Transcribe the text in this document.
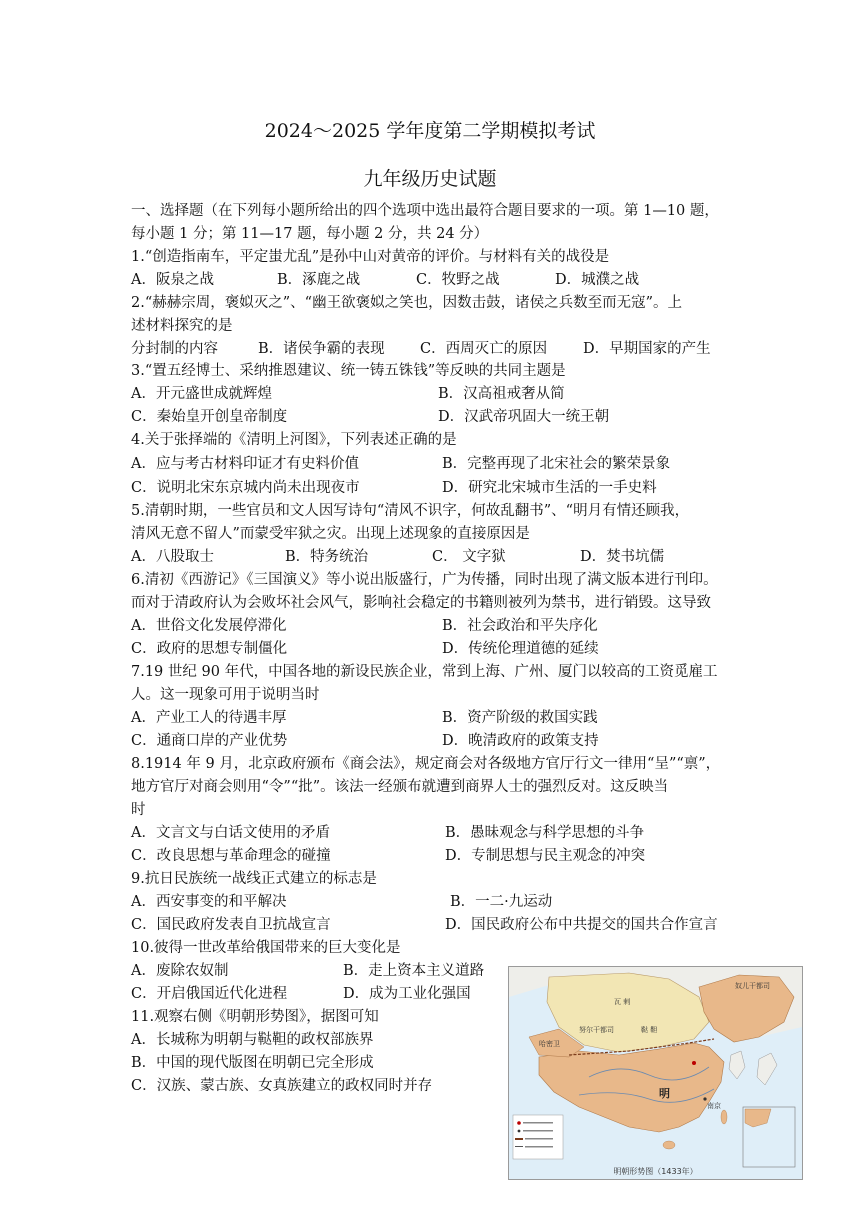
2024～2025 学年度第二学期模拟考试
九年级历史试题
一、选择题（在下列每小题所给出的四个选项中选出最符合题目要求的一项。第 1—10 题，
每小题 1 分；第 11—17 题，每小题 2 分，共 24 分）
1.“创造指南车，平定蚩尤乱”是孙中山对黄帝的评价。与材料有关的战役是
A．阪泉之战	B．涿鹿之战	C．牧野之战	D．城濮之战
2.“赫赫宗周，褒姒灭之”、“幽王欲褒姒之笑也，因数击鼓，诸侯之兵数至而无寇”。上
述材料探究的是
分封制的内容	B．诸侯争霸的表现 C．西周灭亡的原因 D．早期国家的产生
3.“置五经博士、采纳推恩建议、统一铸五铢钱”等反映的共同主题是
A．开元盛世成就辉煌	B．汉高祖戒奢从简
C．秦始皇开创皇帝制度	D．汉武帝巩固大一统王朝
4.关于张择端的《清明上河图》，下列表述正确的是
A．应与考古材料印证才有史料价值	B．完整再现了北宋社会的繁荣景象
C．说明北宋东京城内尚未出现夜市	D．研究北宋城市生活的一手史料
5.清朝时期，一些官员和文人因写诗句“清风不识字，何故乱翻书”、“明月有情还顾我，
清风无意不留人”而蒙受牢狱之灾。出现上述现象的直接原因是
A．八股取士	B．特务统治	C． 文字狱	D．焚书坑儒
6.清初《西游记》《三国演义》等小说出版盛行，广为传播，同时出现了满文版本进行刊印。
而对于清政府认为会败坏社会风气，影响社会稳定的书籍则被列为禁书，进行销毁。这导致
A．世俗文化发展停滞化	B．社会政治和平失序化
C．政府的思想专制僵化	D．传统伦理道德的延续
7.19 世纪 90 年代，中国各地的新设民族企业，常到上海、广州、厦门以较高的工资觅雇工
人。这一现象可用于说明当时
A．产业工人的待遇丰厚	B．资产阶级的救国实践
C．通商口岸的产业优势	D．晚清政府的政策支持
8.1914 年 9 月，北京政府颁布《商会法》，规定商会对各级地方官厅行文一律用“呈”“禀”，
地方官厅对商会则用“令”“批”。该法一经颁布就遭到商界人士的强烈反对。这反映当
时
A．文言文与白话文使用的矛盾	B．愚昧观念与科学思想的斗争
C．改良思想与革命理念的碰撞	D．专制思想与民主观念的冲突
9.抗日民族统一战线正式建立的标志是
A．西安事变的和平解决	B．一二·九运动
C．国民政府发表自卫抗战宣言	D．国民政府公布中共提交的国共合作宣言
10.彼得一世改革给俄国带来的巨大变化是
A．废除农奴制	B．走上资本主义道路
C．开启俄国近代化进程	D．成为工业化强国
11.观察右侧《明朝形势图》，据图可知
A．长城称为明朝与鞑靼的政权部族界
B．中国的现代版图在明朝已完全形成
C．汉族、蒙古族、女真族建立的政权同时并存	明
瓦 剌
鞑 靼
奴儿干都司
哈密卫
南京
努尔干都司
明朝形势图（1433年）
